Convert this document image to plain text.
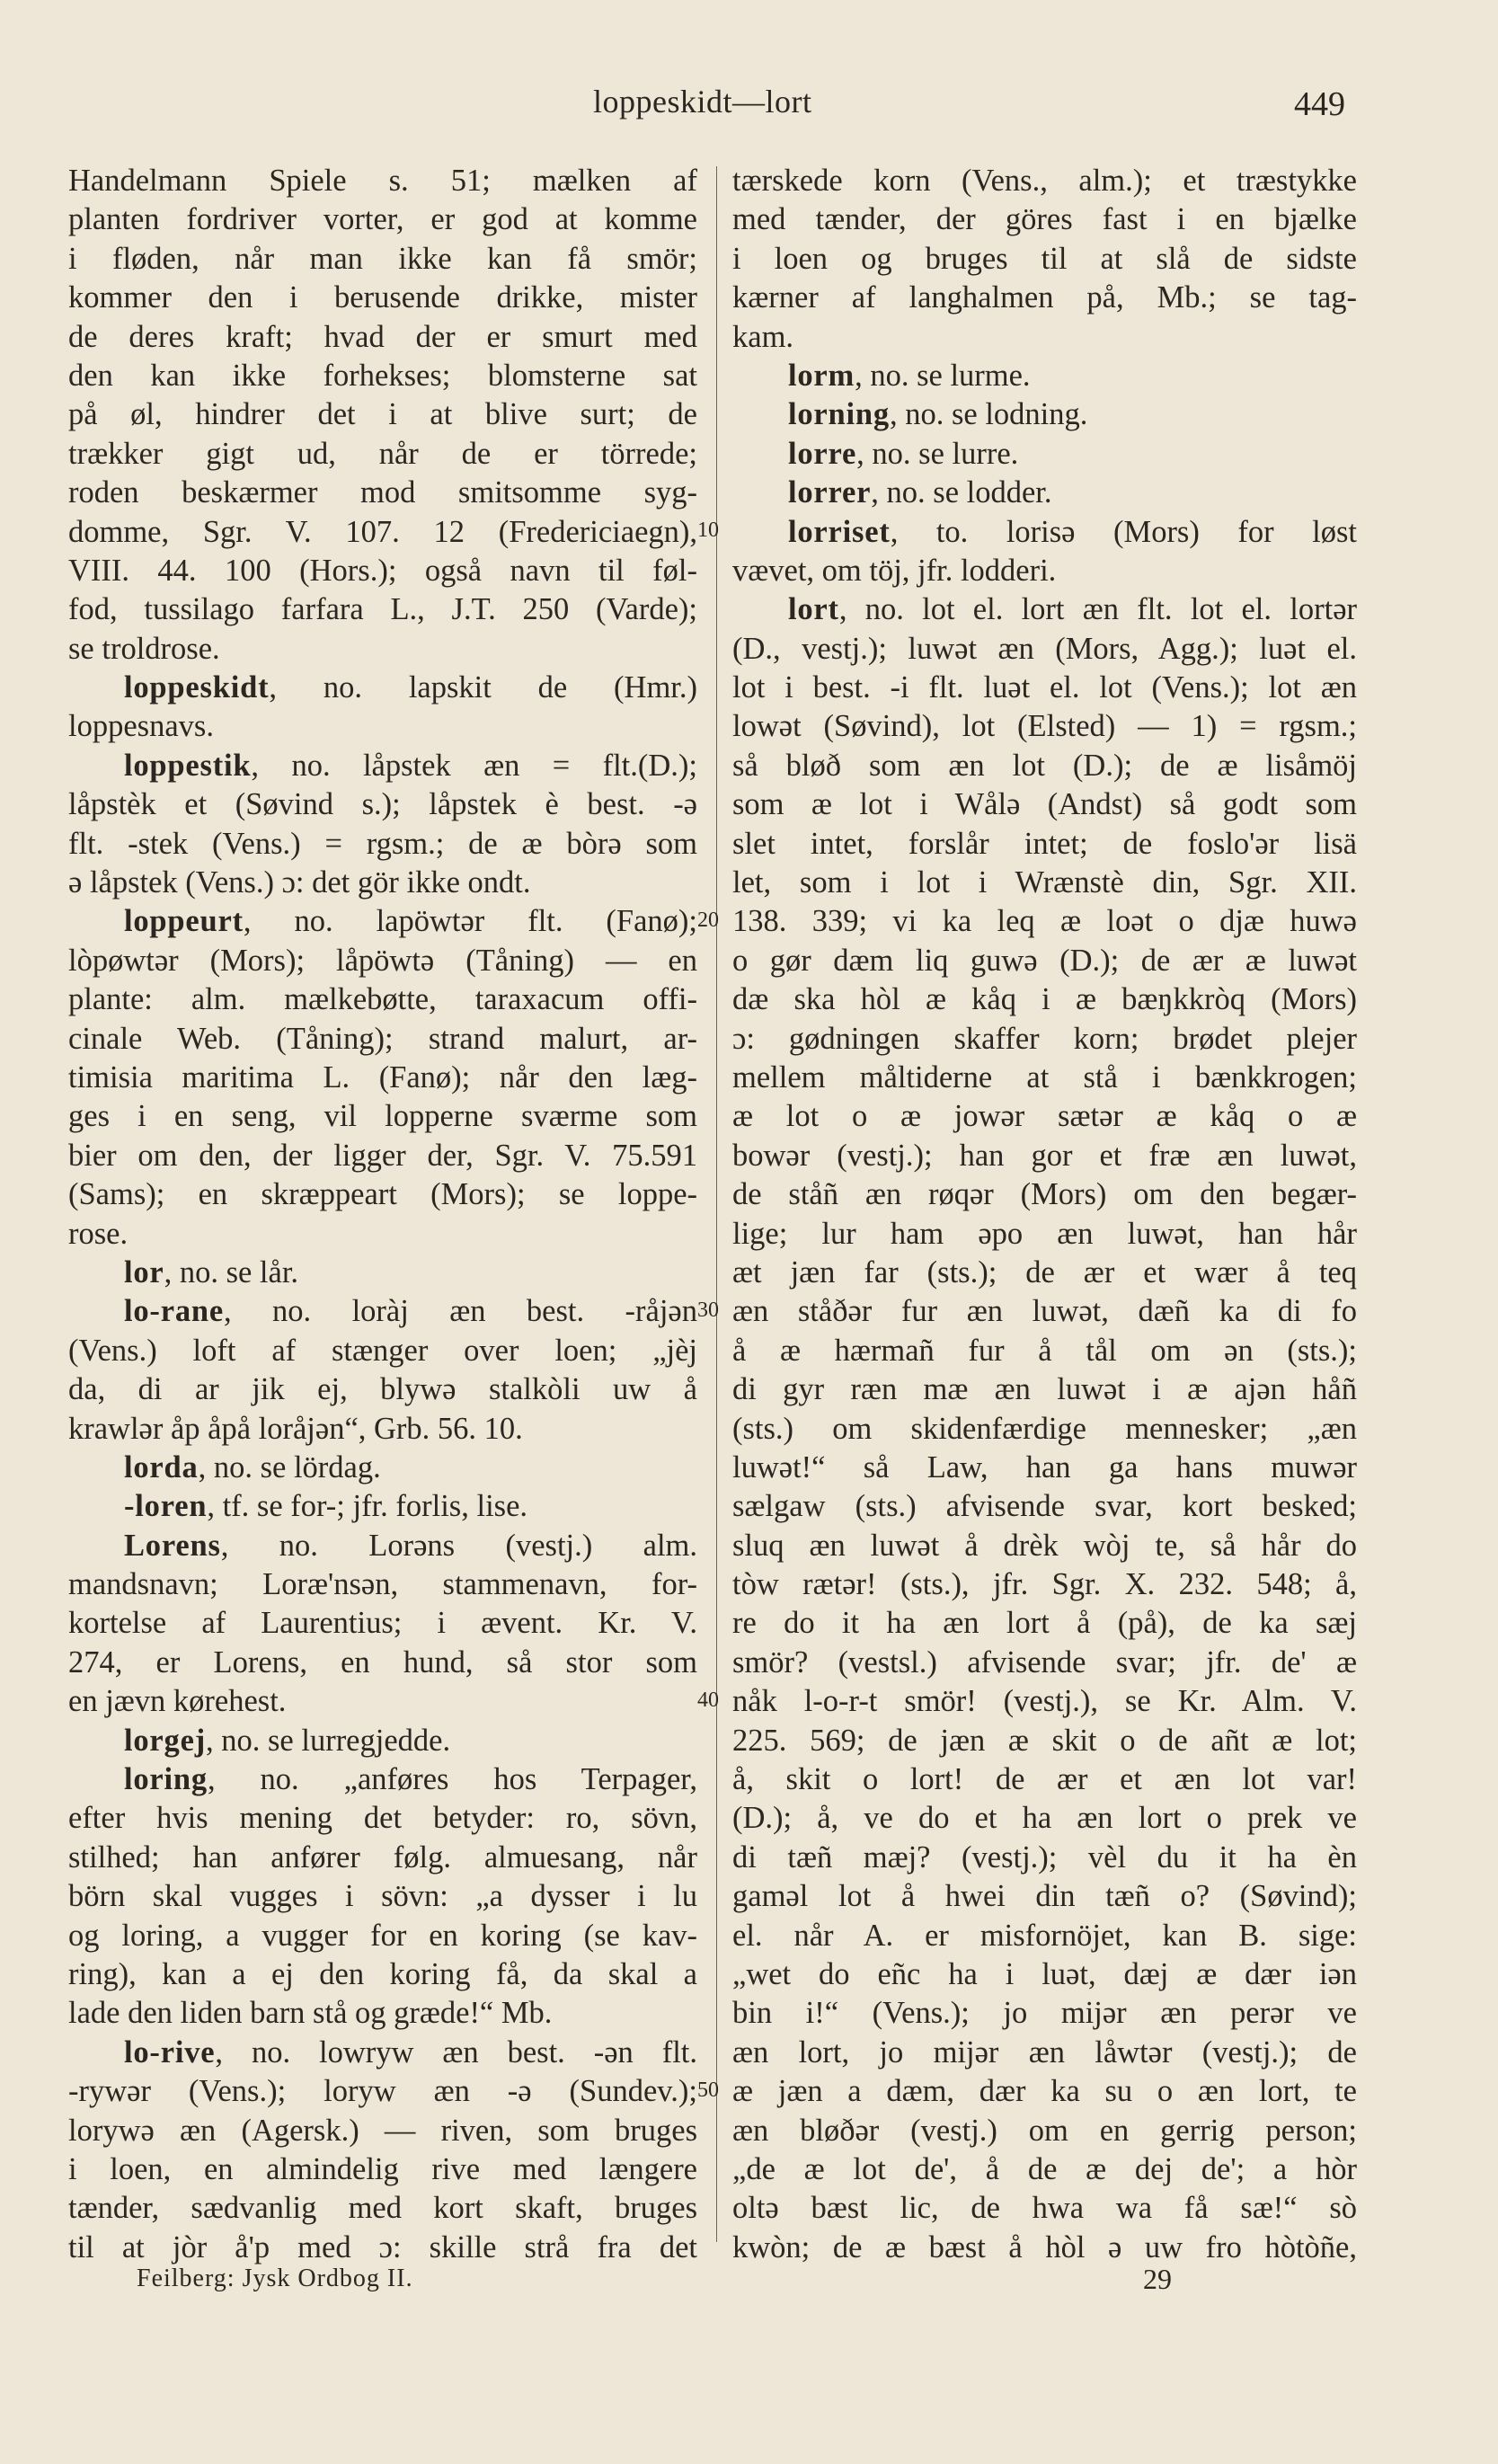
loppeskidt—lort	449
Handelmann Spiele s. 51; mælken af
planten fordriver vorter, er god at komme
i fløden, når man ikke kan få smör;
kommer den i berusende drikke, mister
de deres kraft; hvad der er smurt med
den kan ikke forhekses; blomsterne sat
på øl, hindrer det i at blive surt; de
trækker gigt ud, når de er törrede;
roden beskærmer mod smitsomme syg-
domme, Sgr. V. 107. 12 (Fredericiaegn),
VIII. 44. 100 (Hors.); også navn til føl-
fod, tussilago farfara L., J.T. 250 (Varde);
se troldrose.
loppeskidt, no. lapskit de (Hmr.)
loppesnavs.
loppestik, no. låpstek æn = flt.(D.);
låpstèk et (Søvind s.); låpstek è best. -ə
flt. -stek (Vens.) = rgsm.; de æ bòrə som
ə låpstek (Vens.) ɔ: det gör ikke ondt.
loppeurt, no. lapöwtər flt. (Fanø);
lòpøwtər (Mors); låpöwtə (Tåning) — en
plante: alm. mælkebøtte, taraxacum offi-
cinale Web. (Tåning); strand malurt, ar-
timisia maritima L. (Fanø); når den læg-
ges i en seng, vil lopperne sværme som
bier om den, der ligger der, Sgr. V. 75.591
(Sams); en skræppeart (Mors); se loppe-
rose.
lor, no. se lår.
lo-rane, no. loràj æn best. -råjən
(Vens.) loft af stænger over loen; „jèj
da, di ar jik ej, blywə stalkòli uw å
krawlər åp åpå loråjən“, Grb. 56. 10.
lorda, no. se lördag.
-loren, tf. se for-; jfr. forlis, lise.
Lorens, no. Lorəns (vestj.) alm.
mandsnavn; Loræ'nsən, stammenavn, for-
kortelse af Laurentius; i ævent. Kr. V.
274, er Lorens, en hund, så stor som
en jævn kørehest.
lorgej, no. se lurregjedde.
loring, no. „anføres hos Terpager,
efter hvis mening det betyder: ro, sövn,
stilhed; han anfører følg. almuesang, når
börn skal vugges i sövn: „a dysser i lu
og loring, a vugger for en koring (se kav-
ring), kan a ej den koring få, da skal a
lade den liden barn stå og græde!“ Mb.
lo-rive, no. lowryw æn best. -ən flt.
-rywər (Vens.); loryw æn -ə (Sundev.);
lorywə æn (Agersk.) — riven, som bruges
i loen, en almindelig rive med længere
tænder, sædvanlig med kort skaft, bruges
til at jòr å'p med ɔ: skille strå fra det
10
20
30
40
50
tærskede korn (Vens., alm.); et træstykke
med tænder, der göres fast i en bjælke
i loen og bruges til at slå de sidste
kærner af langhalmen på, Mb.; se tag-
kam.
lorm, no. se lurme.
lorning, no. se lodning.
lorre, no. se lurre.
lorrer, no. se lodder.
lorriset, to. lorisə (Mors) for løst
vævet, om töj, jfr. lodderi.
lort, no. lot el. lort æn flt. lot el. lortər
(D., vestj.); luwət æn (Mors, Agg.); luət el.
lot i best. -i flt. luət el. lot (Vens.); lot æn
lowət (Søvind), lot (Elsted) — 1) = rgsm.;
så bløð som æn lot (D.); de æ lisåmöj
som æ lot i Wålə (Andst) så godt som
slet intet, forslår intet; de foslo'ər lisä
let, som i lot i Wrænstè din, Sgr. XII.
138. 339; vi ka leq æ loət o djæ huwə
o gør dæm liq guwə (D.); de ær æ luwət
dæ ska hòl æ kåq i æ bæŋkkròq (Mors)
ɔ: gødningen skaffer korn; brødet plejer
mellem måltiderne at stå i bænkkrogen;
æ lot o æ jowər sætər æ kåq o æ
bowər (vestj.); han gor et fræ æn luwət,
de ståñ æn røqər (Mors) om den begær-
lige; lur ham əpo æn luwət, han hår
æt jæn far (sts.); de ær et wær å teq
æn ståðər fur æn luwət, dæñ ka di fo
å æ hærmañ fur å tål om ən (sts.);
di gyr ræn mæ æn luwət i æ ajən håñ
(sts.) om skidenfærdige mennesker; „æn
luwət!“ så Law, han ga hans muwər
sælgaw (sts.) afvisende svar, kort besked;
sluq æn luwət å drèk wòj te, så hår do
tòw rætər! (sts.), jfr. Sgr. X. 232. 548; å,
re do it ha æn lort å (på), de ka sæj
smör? (vestsl.) afvisende svar; jfr. de' æ
nåk l-o-r-t smör! (vestj.), se Kr. Alm. V.
225. 569; de jæn æ skit o de añt æ lot;
å, skit o lort! de ær et æn lot var!
(D.); å, ve do et ha æn lort o prek ve
di tæñ mæj? (vestj.); vèl du it ha èn
gaməl lot å hwei din tæñ o? (Søvind);
el. når A. er misfornöjet, kan B. sige:
„wet do eñc ha i luət, dæj æ dær iən
bin i!“ (Vens.); jo mijər æn perər ve
æn lort, jo mijər æn låwtər (vestj.); de
æ jæn a dæm, dær ka su o æn lort, te
æn bløðər (vestj.) om en gerrig person;
„de æ lot de', å de æ dej de'; a hòr
oltə bæst lic, de hwa wa få sæ!“ sò
kwòn; de æ bæst å hòl ə uw fro hòtòñe,
Feilberg: Jysk Ordbog II.	29
